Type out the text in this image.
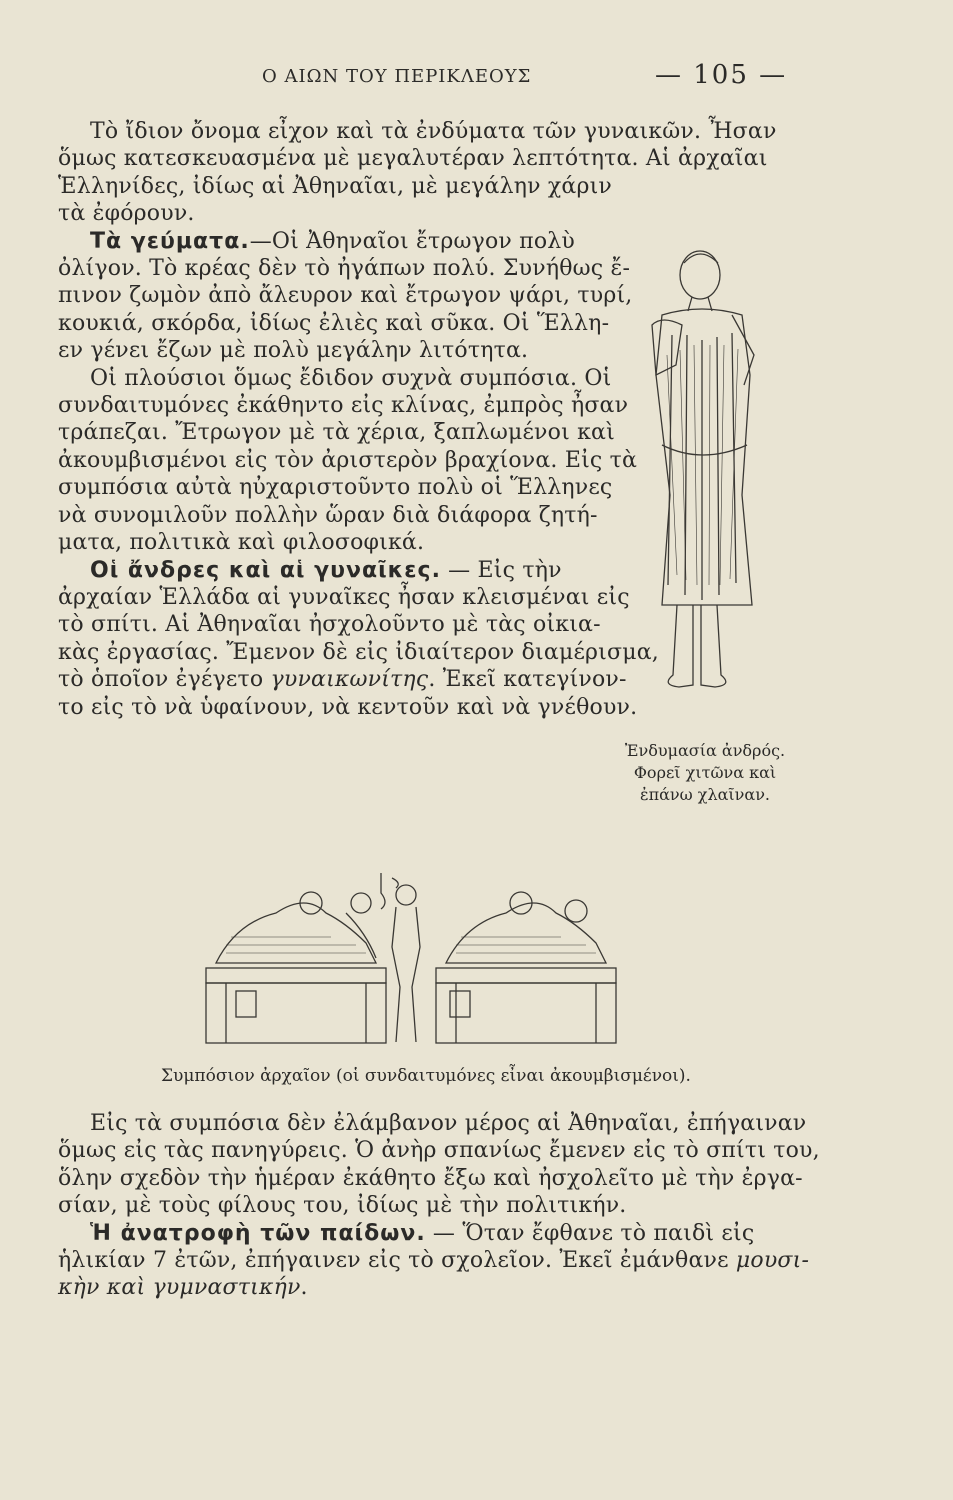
Ο ΑΙΩΝ ΤΟΥ ΠΕΡΙΚΛΕΟΥΣ	— 105 —
Τὸ ἴδιον ὄνομα εἶχον καὶ τὰ ἐνδύματα τῶν γυναικῶν. Ἦσαν
ὅμως κατεσκευασμένα μὲ μεγαλυτέραν λεπτότητα. Αἱ ἀρχαῖαι
Ἑλληνίδες, ἰδίως αἱ Ἀθηναῖαι, μὲ μεγάλην χάριν
τὰ ἐφόρουν.
Τὰ γεύματα.—Οἱ Ἀθηναῖοι ἔτρωγον πολὺ
ὀλίγον. Τὸ κρέας δὲν τὸ ἠγάπων πολύ. Συνήθως ἔ-
πινον ζωμὸν ἀπὸ ἄλευρον καὶ ἔτρωγον ψάρι, τυρί,
κουκιά, σκόρδα, ἰδίως ἐλιὲς καὶ σῦκα. Οἱ Ἕλλη-
εν γένει ἔζων μὲ πολὺ μεγάλην λιτότητα.
Οἱ πλούσιοι ὅμως ἔδιδον συχνὰ συμπόσια. Οἱ
συνδαιτυμόνες ἐκάθηντο εἰς κλίνας, ἐμπρὸς ἦσαν
τράπεζαι. Ἔτρωγον μὲ τὰ χέρια, ξαπλωμένοι καὶ
ἀκουμβισμένοι εἰς τὸν ἀριστερὸν βραχίονα. Εἰς τὰ
συμπόσια αὐτὰ ηὐχαριστοῦντο πολὺ οἱ Ἕλληνες
νὰ συνομιλοῦν πολλὴν ὥραν διὰ διάφορα ζητή-
ματα, πολιτικὰ καὶ φιλοσοφικά.
Οἱ ἄνδρες καὶ αἱ γυναῖκες. — Εἰς τὴν
ἀρχαίαν Ἑλλάδα αἱ γυναῖκες ἦσαν κλεισμέναι εἰς
τὸ σπίτι. Αἱ Ἀθηναῖαι ἠσχολοῦντο μὲ τὰς οἰκια-
κὰς ἐργασίας. Ἔμενον δὲ εἰς ἰδιαίτερον διαμέρισμα,
τὸ ὁποῖον ἐγέγετο γυναικωνίτης. Ἐκεῖ κατεγίνον-
το εἰς τὸ νὰ ὑφαίνουν, νὰ κεντοῦν καὶ νὰ γνέθουν.
Ἐνδυμασία ἀνδρός.
Φορεῖ χιτῶνα καὶ
ἐπάνω χλαῖναν.
Συμπόσιον ἀρχαῖον (οἱ συνδαιτυμόνες εἶναι ἀκουμβισμένοι).
Εἰς τὰ συμπόσια δὲν ἐλάμβανον μέρος αἱ Ἀθηναῖαι, ἐπήγαιναν
ὅμως εἰς τὰς πανηγύρεις. Ὁ ἀνὴρ σπανίως ἔμενεν εἰς τὸ σπίτι του,
ὅλην σχεδὸν τὴν ἡμέραν ἐκάθητο ἔξω καὶ ἠσχολεῖτο μὲ τὴν ἐργα-
σίαν, μὲ τοὺς φίλους του, ἰδίως μὲ τὴν πολιτικήν.
Ἡ ἀνατροφὴ τῶν παίδων. — Ὅταν ἔφθανε τὸ παιδὶ εἰς
ἡλικίαν 7 ἐτῶν, ἐπήγαινεν εἰς τὸ σχολεῖον. Ἐκεῖ ἐμάνθανε μουσι-
κὴν καὶ γυμναστικήν.
